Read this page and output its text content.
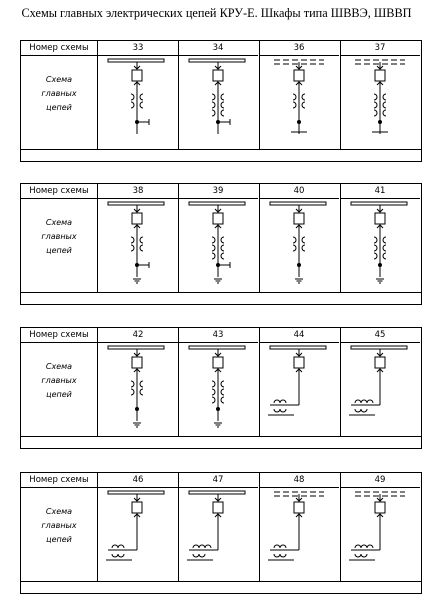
Схемы главных электрических цепей КРУ-Е. Шкафы типа ШВВЭ, ШВВП
Номер схемы	33	34	36	37
Схема
главных
цепей
Номер схемы	38	39	40	41
Схема
главных
цепей
Номер схемы	42	43	44	45
Схема
главных
цепей
Номер схемы	46	47	48	49
Схема
главных
цепей
